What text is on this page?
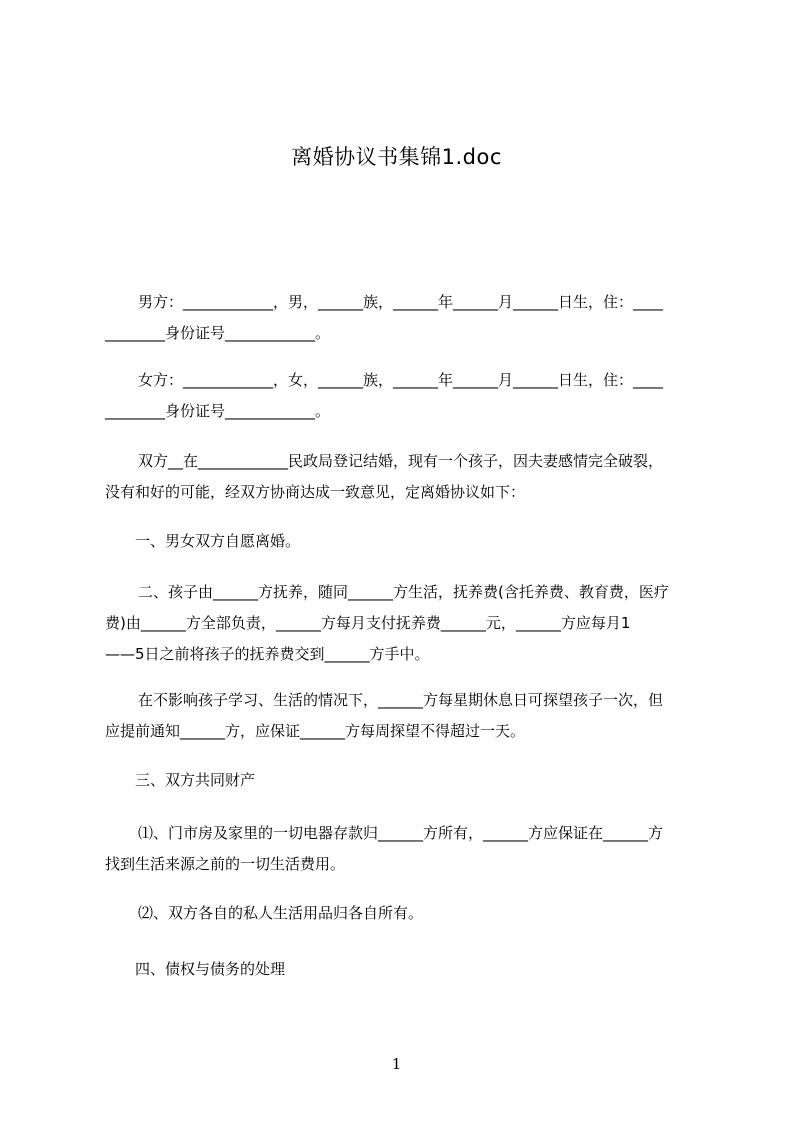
离婚协议书集锦1.doc
男方：____________，男，______族，______年______月______日生，住：____
________身份证号____________。
女方：____________，女，______族，______年______月______日生，住：____
________身份证号____________。
双方__在____________民政局登记结婚，现有一个孩子，因夫妻感情完全破裂，
没有和好的可能，经双方协商达成一致意见，定离婚协议如下：
一、男女双方自愿离婚。
二、孩子由______方抚养，随同______方生活，抚养费(含托养费、教育费，医疗
费)由______方全部负责，______方每月支付抚养费______元，______方应每月1
——5日之前将孩子的抚养费交到______方手中。
在不影响孩子学习、生活的情况下，______方每星期休息日可探望孩子一次，但
应提前通知______方，应保证______方每周探望不得超过一天。
三、双方共同财产
⑴、门市房及家里的一切电器存款归______方所有，______方应保证在______方
找到生活来源之前的一切生活费用。
⑵、双方各自的私人生活用品归各自所有。
四、债权与债务的处理
1
